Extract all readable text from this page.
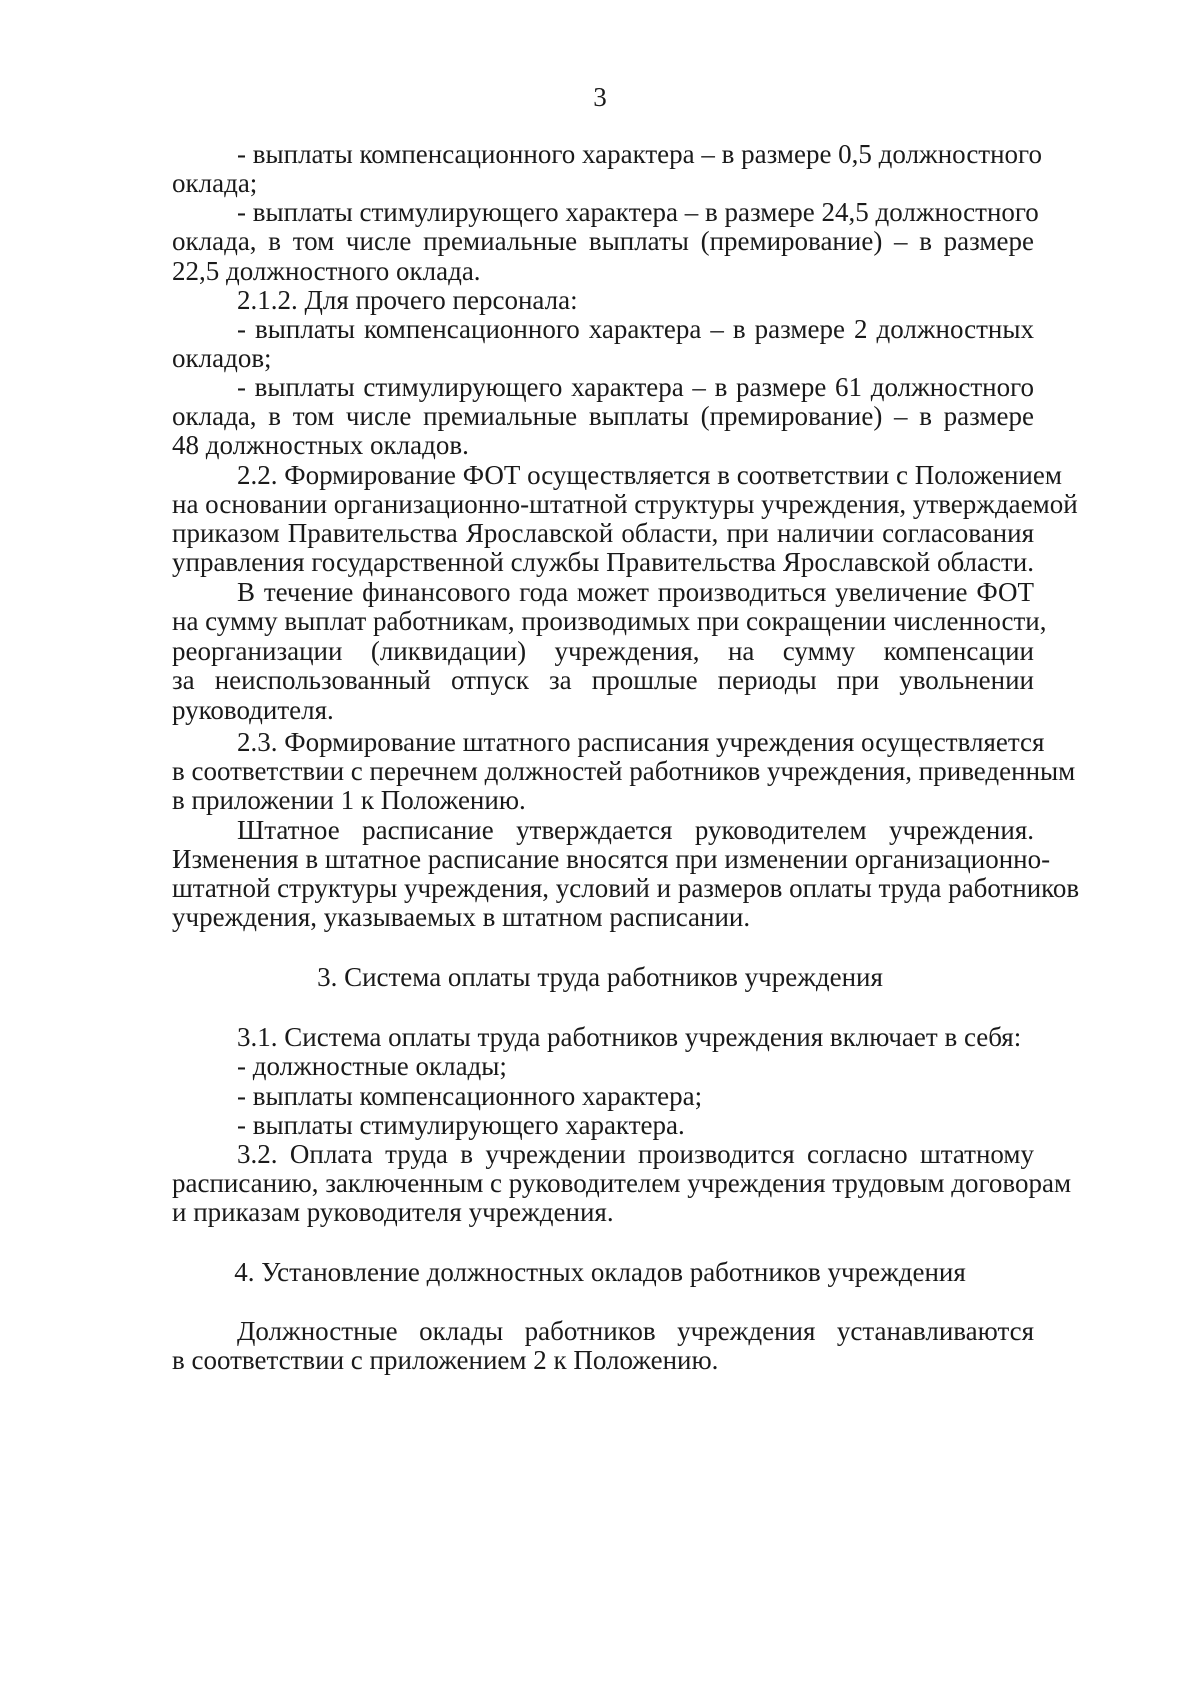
3
- выплаты компенсационного характера – в размере 0,5 должностного
оклада;
- выплаты стимулирующего характера – в размере 24,5 должностного
оклада, в том числе премиальные выплаты (премирование) – в размере
22,5 должностного оклада.
2.1.2. Для прочего персонала:
- выплаты компенсационного характера – в размере 2 должностных
окладов;
- выплаты стимулирующего характера – в размере 61 должностного
оклада, в том числе премиальные выплаты (премирование) – в размере
48 должностных окладов.
2.2. Формирование ФОТ осуществляется в соответствии с Положением
на основании организационно-штатной структуры учреждения, утверждаемой
приказом Правительства Ярославской области, при наличии согласования
управления государственной службы Правительства Ярославской области.
В течение финансового года может производиться увеличение ФОТ
на сумму выплат работникам, производимых при сокращении численности,
реорганизации (ликвидации) учреждения, на сумму компенсации
за неиспользованный отпуск за прошлые периоды при увольнении
руководителя.
2.3. Формирование штатного расписания учреждения осуществляется
в соответствии с перечнем должностей работников учреждения, приведенным
в приложении 1 к Положению.
Штатное расписание утверждается руководителем учреждения.
Изменения в штатное расписание вносятся при изменении организационно-
штатной структуры учреждения, условий и размеров оплаты труда работников
учреждения, указываемых в штатном расписании.
3. Система оплаты труда работников учреждения
3.1. Система оплаты труда работников учреждения включает в себя:
- должностные оклады;
- выплаты компенсационного характера;
- выплаты стимулирующего характера.
3.2. Оплата труда в учреждении производится согласно штатному
расписанию, заключенным с руководителем учреждения трудовым договорам
и приказам руководителя учреждения.
4. Установление должностных окладов работников учреждения
Должностные оклады работников учреждения устанавливаются
в соответствии с приложением 2 к Положению.
